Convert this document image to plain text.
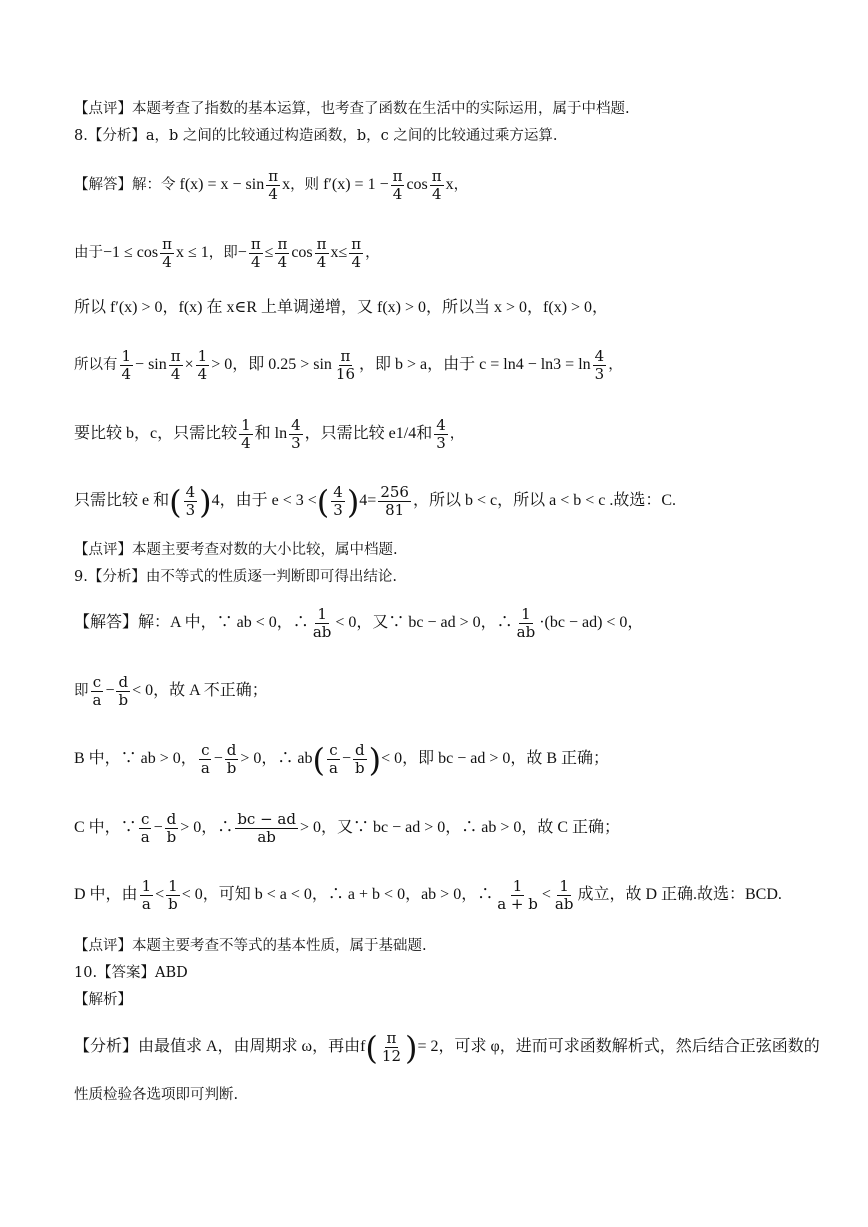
【点评】本题考查了指数的基本运算，也考查了函数在生活中的实际运用，属于中档题.
8.【分析】a，b 之间的比较通过构造函数，b，c 之间的比较通过乘方运算.
【解答】解：令 $f(x) = x - \sin \frac{\pi}{4}$ x ，则 $f'(x) = 1 - \frac{\pi}{4}$ $\cos \frac{\pi}{4}$ x ，
由于 $-1 \le \cos \frac{\pi}{4}$ x ≤ 1 ，即 − $\frac{\pi}{4} \le \frac{\pi}{4}$ $\cos \frac{\pi}{4}$ $x \le \frac{\pi}{4}$ ，
所以 f′(x) > 0，f(x) 在 x∈R 上单调递增，又 f(x) > 0，所以当 x > 0，f(x) > 0，
所以有 $\frac{1}{4} - \sin \frac{\pi}{4} \times \frac{1}{4} > 0$ ，即 $0.25 > \sin \frac{\pi}{16}$ ，即 b > a，由于 $c = \ln 4 - \ln 3 = \ln \frac{4}{3}$ ，
要比较 b，c，只需比较 $\frac{1}{4}$ 和 $\ln \frac{4}{3}$ ，只需比较 e 1/4 和 $\frac{4}{3}$ ，
只需比较 e 和 ( $\frac{4}{3}$ ) 4 ，由于 e < 3 < ( $\frac{4}{3}$ ) $4 = \frac{256}{81}$ ，所以 b < c，所以 a < b < c .故选：C.
【点评】本题主要考查对数的大小比较，属中档题.
9.【分析】由不等式的性质逐一判断即可得出结论.
【解答】解：A 中，∵ ab < 0，∴ $\frac{1}{ab} < 0$，又∵ bc − ad > 0，∴ $\frac{1}{ab} \cdot(bc - ad) < 0$，
即 $\frac{c}{a} - \frac{d}{b} < 0$，故 A 不正确；
B 中，∵ ab > 0， $\frac{c}{a} - \frac{d}{b} > 0$，∴ ab ( $\frac{c}{a} - \frac{d}{b}$ ) < 0，即 bc − ad > 0，故 B 正确；
C 中，∵ $\frac{c}{a} - \frac{d}{b} > 0$，∴ $\frac{bc - ad}{ab} > 0$，又∵ bc − ad > 0，∴ ab > 0，故 C 正确；
D 中，由 $\frac{1}{a} < \frac{1}{b} < 0$，可知 b < a < 0，∴ a + b < 0，ab > 0，∴ $\frac{1}{a + b} < \frac{1}{ab}$ 成立，故 D 正确.故选：BCD.
【点评】本题主要考查不等式的基本性质，属于基础题.
10.【答案】ABD
【解析】
【分析】由最值求 A，由周期求 ω，再由 f ( $\frac{\pi}{12}$ ) = 2 ，可求 φ，进而可求函数解析式，然后结合正弦函数的
性质检验各选项即可判断.
